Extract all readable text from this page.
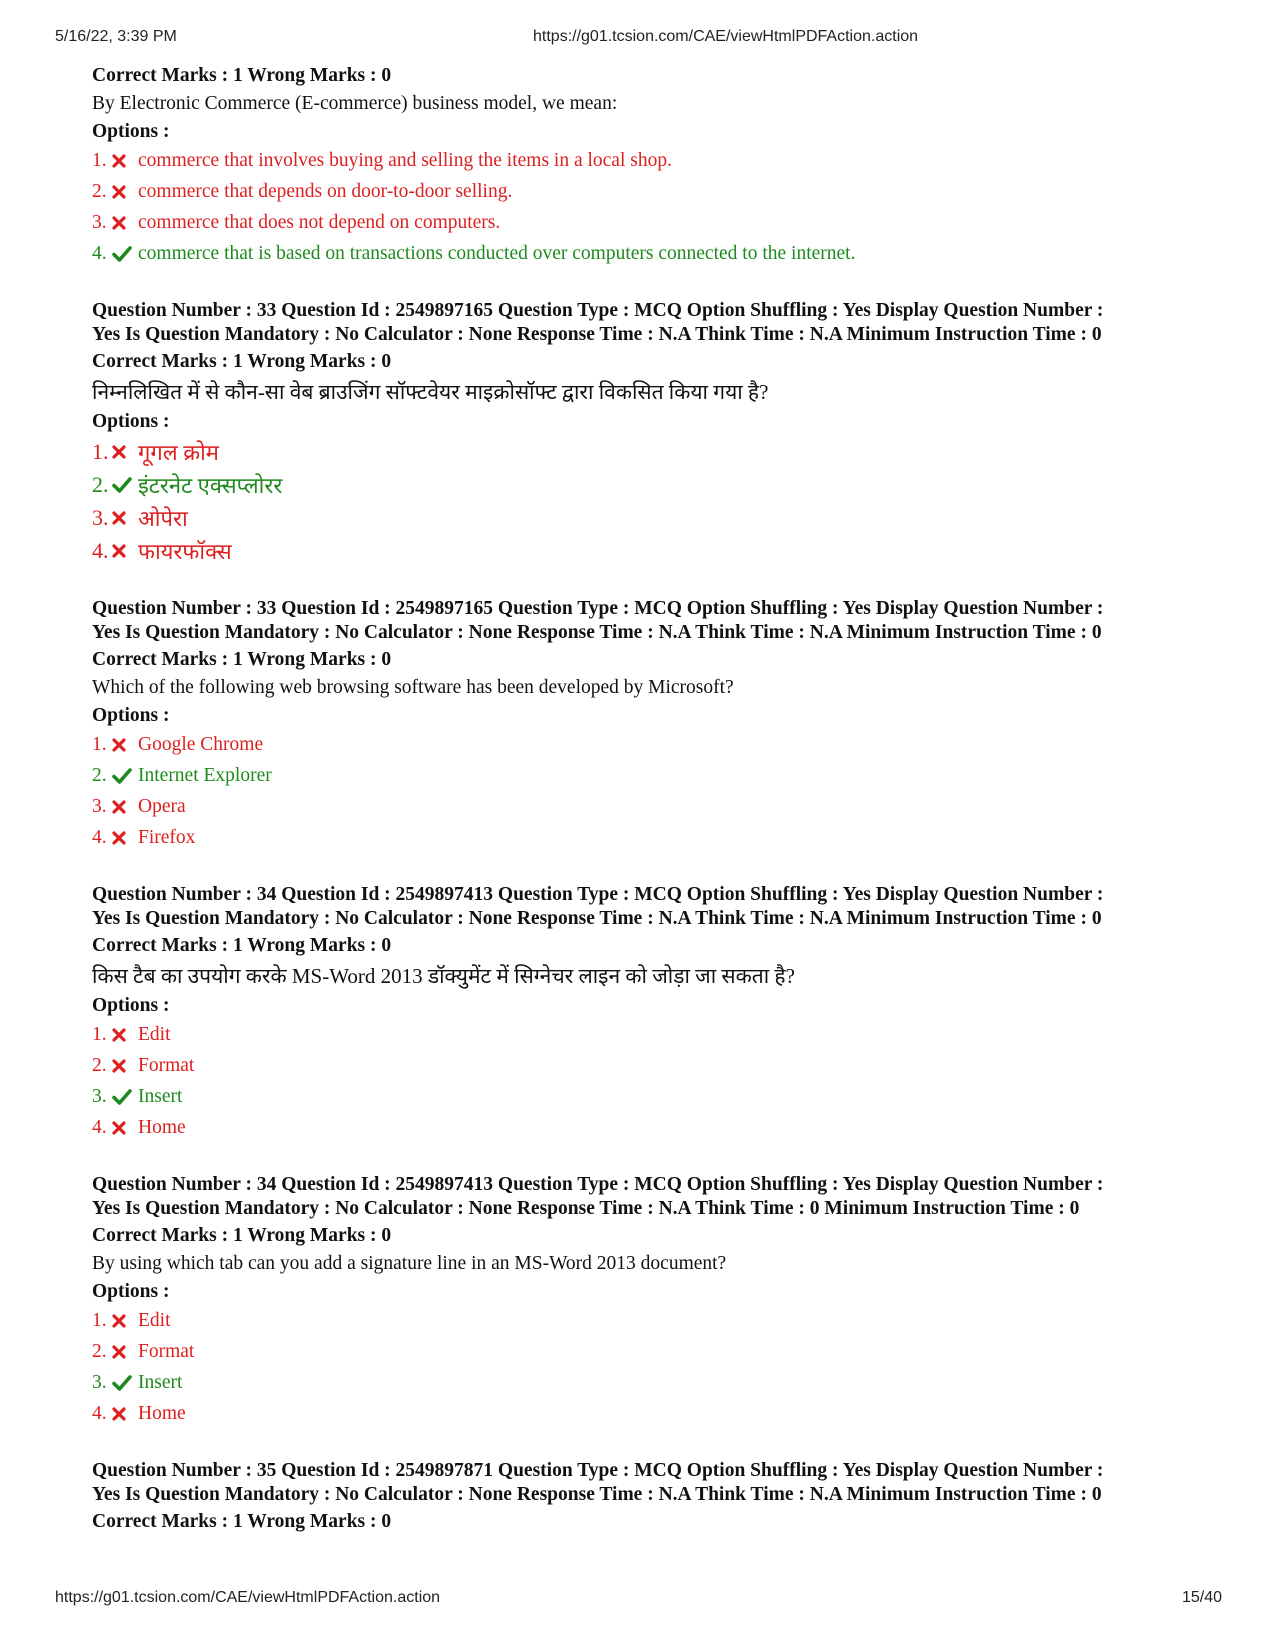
5/16/22, 3:39 PM	https://g01.tcsion.com/CAE/viewHtmlPDFAction.action
Correct Marks : 1 Wrong Marks : 0
By Electronic Commerce (E-commerce) business model, we mean:
Options :
1. commerce that involves buying and selling the items in a local shop.
2. commerce that depends on door-to-door selling.
3. commerce that does not depend on computers.
4. commerce that is based on transactions conducted over computers connected to the internet.
Question Number : 33 Question Id : 2549897165 Question Type : MCQ Option Shuffling : Yes Display Question Number :
Yes Is Question Mandatory : No Calculator : None Response Time : N.A Think Time : N.A Minimum Instruction Time : 0
Correct Marks : 1 Wrong Marks : 0
निम्नलिखित में से कौन-सा वेब ब्राउजिंग सॉफ्टवेयर माइक्रोसॉफ्ट द्वारा विकसित किया गया है?
Options :
1. गूगल क्रोम
2. इंटरनेट एक्सप्लोरर
3. ओपेरा
4. फायरफॉक्स
Question Number : 33 Question Id : 2549897165 Question Type : MCQ Option Shuffling : Yes Display Question Number :
Yes Is Question Mandatory : No Calculator : None Response Time : N.A Think Time : N.A Minimum Instruction Time : 0
Correct Marks : 1 Wrong Marks : 0
Which of the following web browsing software has been developed by Microsoft?
Options :
1. Google Chrome
2. Internet Explorer
3. Opera
4. Firefox
Question Number : 34 Question Id : 2549897413 Question Type : MCQ Option Shuffling : Yes Display Question Number :
Yes Is Question Mandatory : No Calculator : None Response Time : N.A Think Time : N.A Minimum Instruction Time : 0
Correct Marks : 1 Wrong Marks : 0
किस टैब का उपयोग करके MS-Word 2013 डॉक्युमेंट में सिग्नेचर लाइन को जोड़ा जा सकता है?
Options :
1. Edit
2. Format
3. Insert
4. Home
Question Number : 34 Question Id : 2549897413 Question Type : MCQ Option Shuffling : Yes Display Question Number :
Yes Is Question Mandatory : No Calculator : None Response Time : N.A Think Time : 0 Minimum Instruction Time : 0
Correct Marks : 1 Wrong Marks : 0
By using which tab can you add a signature line in an MS-Word 2013 document?
Options :
1. Edit
2. Format
3. Insert
4. Home
Question Number : 35 Question Id : 2549897871 Question Type : MCQ Option Shuffling : Yes Display Question Number :
Yes Is Question Mandatory : No Calculator : None Response Time : N.A Think Time : N.A Minimum Instruction Time : 0
Correct Marks : 1 Wrong Marks : 0
https://g01.tcsion.com/CAE/viewHtmlPDFAction.action	15/40
